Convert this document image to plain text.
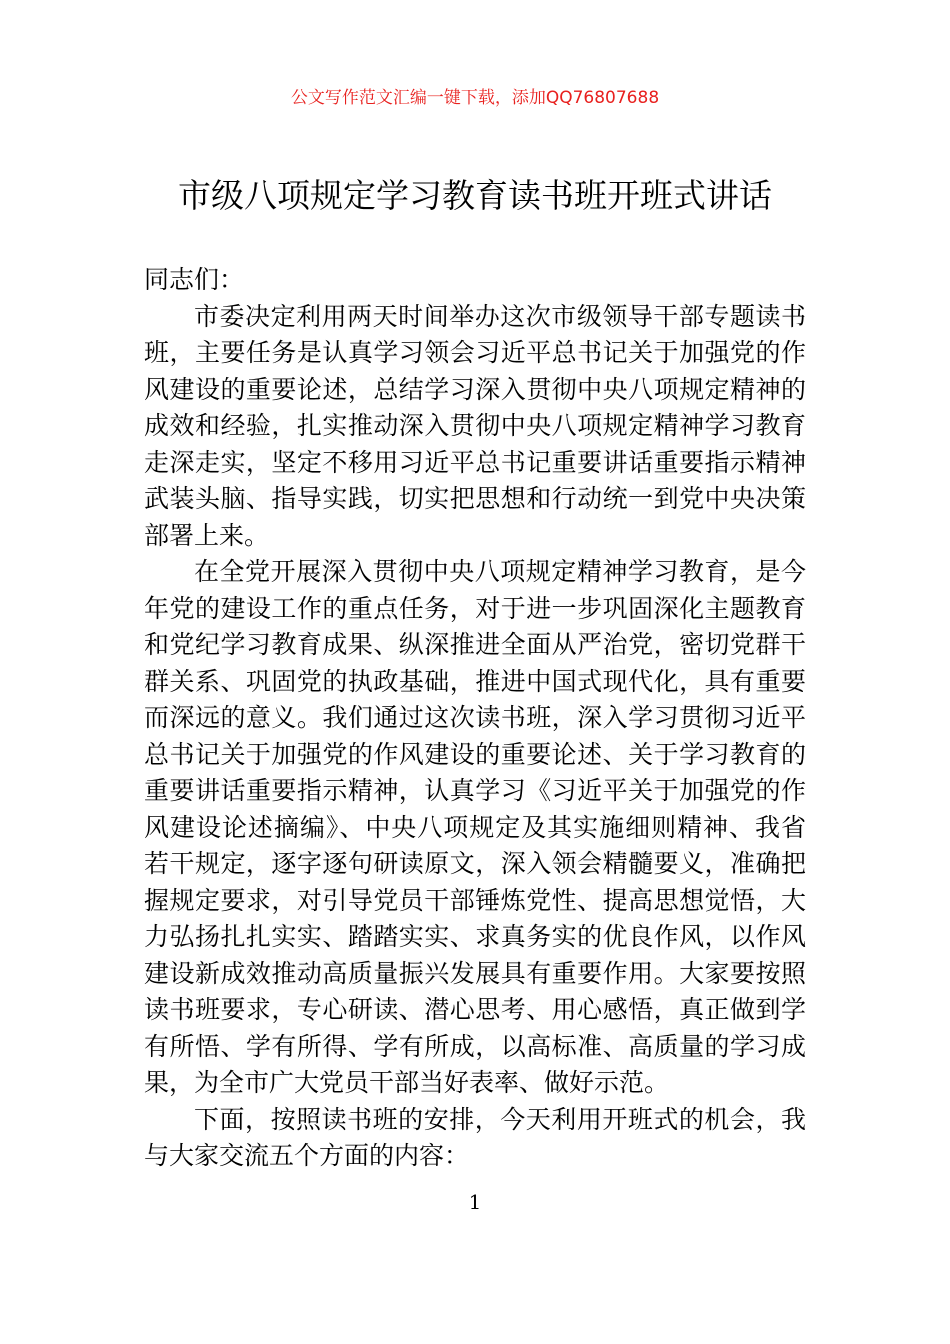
公文写作范文汇编一键下载，添加QQ76807688
市级八项规定学习教育读书班开班式讲话

同志们：

市委决定利用两天时间举办这次市级领导干部专题读书班，主要任务是认真学习领会习近平总书记关于加强党的作风建设的重要论述，总结学习深入贯彻中央八项规定精神的成效和经验，扎实推动深入贯彻中央八项规定精神学习教育走深走实，坚定不移用习近平总书记重要讲话重要指示精神武装头脑、指导实践，切实把思想和行动统一到党中央决策部署上来。

在全党开展深入贯彻中央八项规定精神学习教育，是今年党的建设工作的重点任务，对于进一步巩固深化主题教育和党纪学习教育成果、纵深推进全面从严治党，密切党群干群关系、巩固党的执政基础，推进中国式现代化，具有重要而深远的意义。我们通过这次读书班，深入学习贯彻习近平总书记关于加强党的作风建设的重要论述、关于学习教育的重要讲话重要指示精神，认真学习《习近平关于加强党的作风建设论述摘编》、中央八项规定及其实施细则精神、我省若干规定，逐字逐句研读原文，深入领会精髓要义，准确把握规定要求，对引导党员干部锤炼党性、提高思想觉悟，大力弘扬扎扎实实、踏踏实实、求真务实的优良作风，以作风建设新成效推动高质量振兴发展具有重要作用。大家要按照读书班要求，专心研读、潜心思考、用心感悟，真正做到学有所悟、学有所得、学有所成，以高标准、高质量的学习成果，为全市广大党员干部当好表率、做好示范。

下面，按照读书班的安排，今天利用开班式的机会，我与大家交流五个方面的内容：

1
